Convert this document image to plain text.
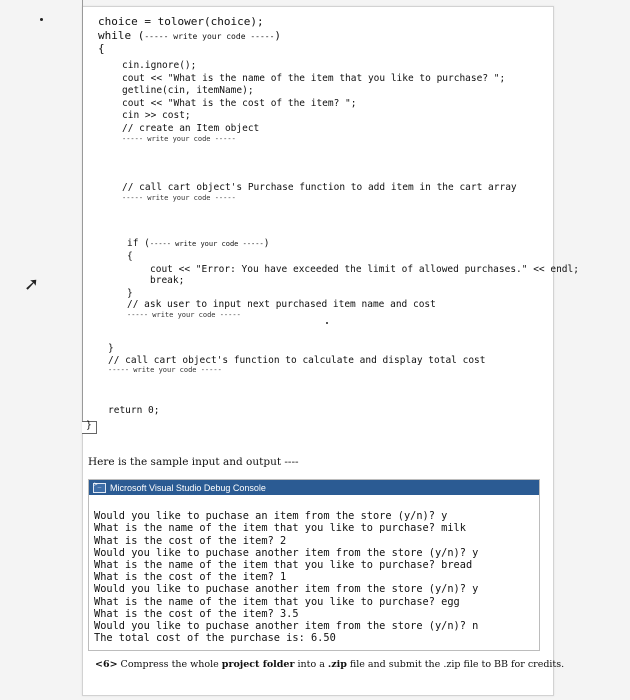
➚
choice = tolower(choice);
while (----- write your code -----)
{
cin.ignore();
cout << "What is the name of the item that you like to purchase? ";
getline(cin, itemName);
cout << "What is the cost of the item? ";
cin >> cost;
// create an Item object
----- write your code -----
// call cart object's Purchase function to add item in the cart array
----- write your code -----
if (----- write your code -----)
{
cout << "Error: You have exceeded the limit of allowed purchases." << endl;
break;
}
// ask user to input next purchased item name and cost
----- write your code -----
}
// call cart object's function to calculate and display total cost
----- write your code -----
return 0;
}
Here is the sample input and output ----
>_
Microsoft Visual Studio Debug Console

Would you like to puchase an item from the store (y/n)? y
What is the name of the item that you like to purchase? milk
What is the cost of the item? 2
Would you like to puchase another item from the store (y/n)? y
What is the name of the item that you like to purchase? bread
What is the cost of the item? 1
Would you like to puchase another item from the store (y/n)? y
What is the name of the item that you like to purchase? egg
What is the cost of the item? 3.5
Would you like to puchase another item from the store (y/n)? n
The total cost of the purchase is: 6.50

<6> Compress the whole project folder into a .zip file and submit the .zip file to BB for credits.
